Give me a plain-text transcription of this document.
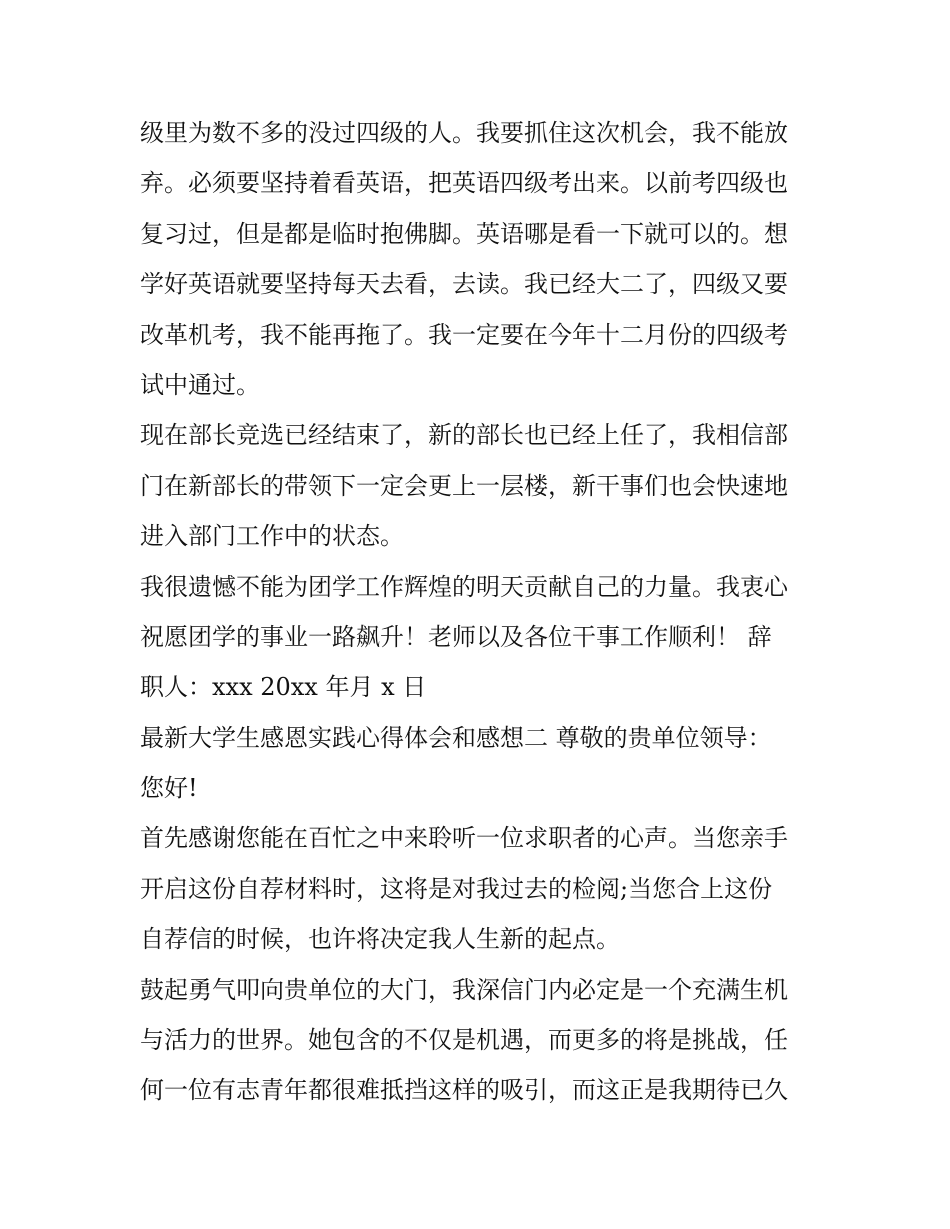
级里为数不多的没过四级的人。我要抓住这次机会，我不能放
弃。必须要坚持着看英语，把英语四级考出来。以前考四级也
复习过，但是都是临时抱佛脚。英语哪是看一下就可以的。想
学好英语就要坚持每天去看，去读。我已经大二了，四级又要
改革机考，我不能再拖了。我一定要在今年十二月份的四级考
试中通过。
现在部长竞选已经结束了，新的部长也已经上任了，我相信部
门在新部长的带领下一定会更上一层楼，新干事们也会快速地
进入部门工作中的状态。
我很遗憾不能为团学工作辉煌的明天贡献自己的力量。我衷心
祝愿团学的事业一路飙升！老师以及各位干事工作顺利！ 辞
职人：xxx 20xx 年月 x 日
最新大学生感恩实践心得体会和感想二 尊敬的贵单位领导：
您好!
首先感谢您能在百忙之中来聆听一位求职者的心声。当您亲手
开启这份自荐材料时，这将是对我过去的检阅;当您合上这份
自荐信的时候，也许将决定我人生新的起点。
鼓起勇气叩向贵单位的大门，我深信门内必定是一个充满生机
与活力的世界。她包含的不仅是机遇，而更多的将是挑战，任
何一位有志青年都很难抵挡这样的吸引，而这正是我期待已久
